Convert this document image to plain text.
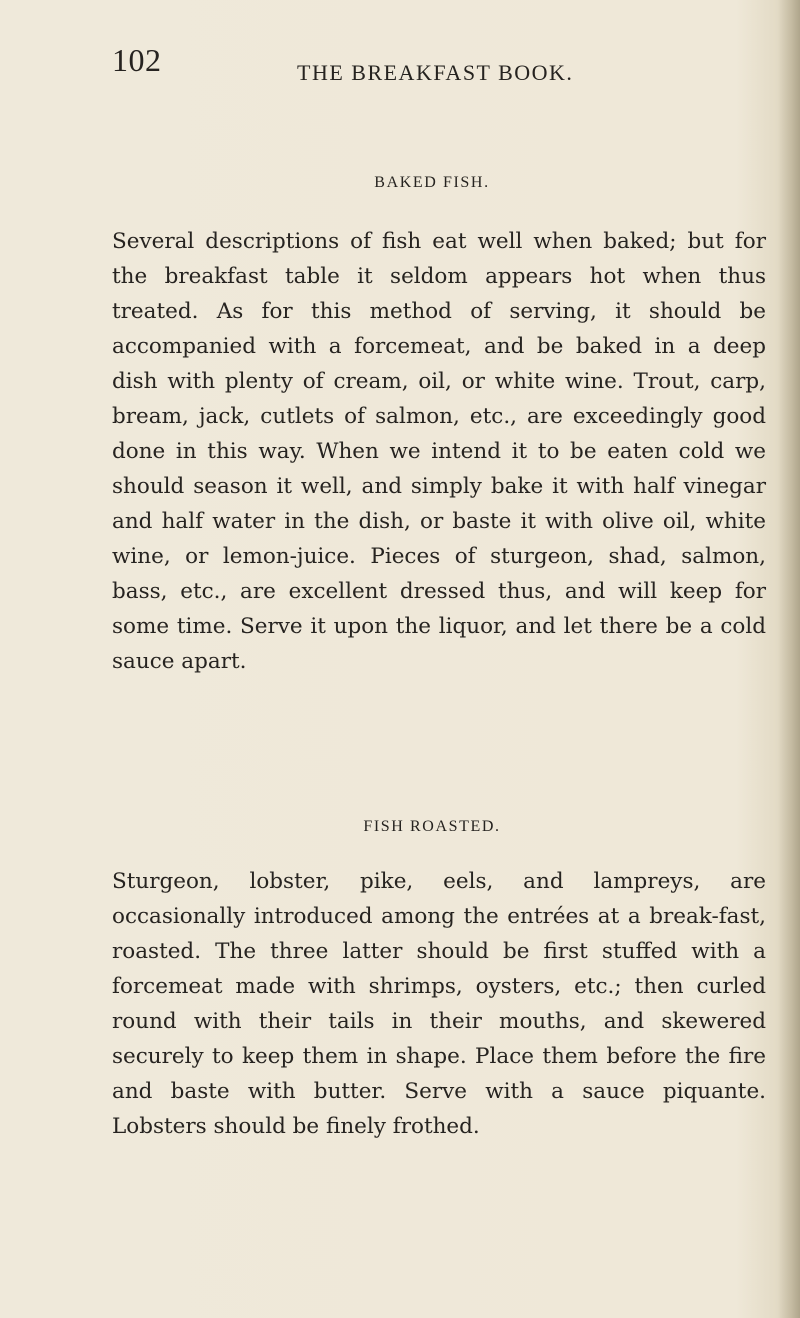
102	THE BREAKFAST BOOK.
BAKED FISH.

Several descriptions of fish eat well when baked; but for the breakfast table it seldom appears hot when thus treated. As for this method of serving, it should be accompanied with a forcemeat, and be baked in a deep dish with plenty of cream, oil, or white wine. Trout, carp, bream, jack, cutlets of salmon, etc., are exceedingly good done in this way. When we intend it to be eaten cold we should season it well, and simply bake it with half vinegar and half water in the dish, or baste it with olive oil, white wine, or lemon-juice. Pieces of sturgeon, shad, salmon, bass, etc., are excellent dressed thus, and will keep for some time. Serve it upon the liquor, and let there be a cold sauce apart.

FISH ROASTED.

Sturgeon, lobster, pike, eels, and lampreys, are occasionally introduced among the entrées at a break-fast, roasted. The three latter should be first stuffed with a forcemeat made with shrimps, oysters, etc.; then curled round with their tails in their mouths, and skewered securely to keep them in shape. Place them before the fire and baste with butter. Serve with a sauce piquante. Lobsters should be finely frothed.
